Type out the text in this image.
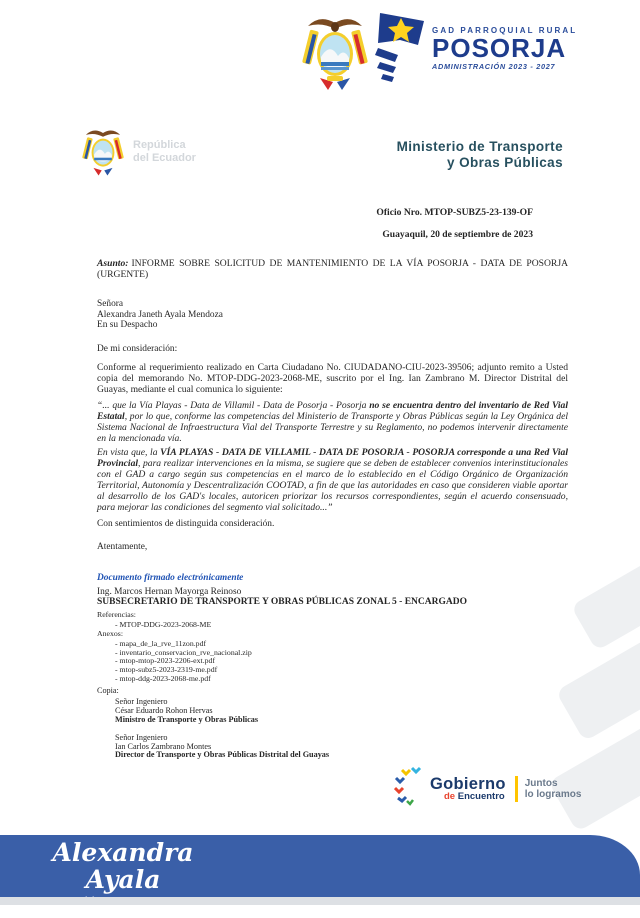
GAD PARROQUIAL RURAL
POSORJA
ADMINISTRACIÓN 2023 - 2027
República
del Ecuador
Ministerio de Transporte
y Obras Públicas
Oficio Nro. MTOP-SUBZ5-23-139-OF
Guayaquil, 20 de septiembre de 2023

Asunto: INFORME SOBRE SOLICITUD DE MANTENIMIENTO DE LA VÍA POSORJA - DATA DE POSORJA (URGENTE)

Señora
Alexandra Janeth Ayala Mendoza
En su Despacho
De mi consideración:

Conforme al requerimiento realizado en Carta Ciudadano No. CIUDADANO-CIU-2023-39506; adjunto remito a Usted copia del memorando No. MTOP-DDG-2023-2068-ME, suscrito por el Ing. Ian Zambrano M. Director Distrital del Guayas, mediante el cual comunica lo siguiente:

“... que la Vía Playas - Data de Villamil - Data de Posorja - Posorja no se encuentra dentro del inventario de Red Vial Estatal, por lo que, conforme las competencias del Ministerio de Transporte y Obras Públicas según la Ley Orgánica del Sistema Nacional de Infraestructura Vial del Transporte Terrestre y su Reglamento, no podemos intervenir directamente en la mencionada vía.

En vista que, la VÍA PLAYAS - DATA DE VILLAMIL - DATA DE POSORJA - POSORJA corresponde a una Red Vial Provincial, para realizar intervenciones en la misma, se sugiere que se deben de establecer convenios interinstitucionales con el GAD a cargo según sus competencias en el marco de lo establecido en el Código Orgánico de Organización Territorial, Autonomía y Descentralización COOTAD, a fin de que las autoridades en caso que consideren viable aportar al desarrollo de los GAD's locales, autoricen priorizar los recursos correspondientes, según el acuerdo consensuado, para mejorar las condiciones del segmento vial solicitado...”

Con sentimientos de distinguida consideración.
Atentamente,
Documento firmado electrónicamente
Ing. Marcos Hernan Mayorga Reinoso
SUBSECRETARIO DE TRANSPORTE Y OBRAS PÚBLICAS ZONAL 5 - ENCARGADO
Referencias:
- MTOP-DDG-2023-2068-ME
Anexos:
- mapa_de_la_rve_11zon.pdf
- inventario_conservacion_rve_nacional.zip
- mtop-mtop-2023-2206-ext.pdf
- mtop-subz5-2023-2319-me.pdf
- mtop-ddg-2023-2068-me.pdf
Copia:
Señor Ingeniero
César Eduardo Rohon Hervas
Ministro de Transporte y Obras Públicas
Señor Ingeniero
Ian Carlos Zambrano Montes
Director de Transporte y Obras Públicas Distrital del Guayas
Gobierno
de Encuentro
Juntos
lo logramos
Alexandra Ayala
¡Juntos Seguiremos Haciendo Historia!
